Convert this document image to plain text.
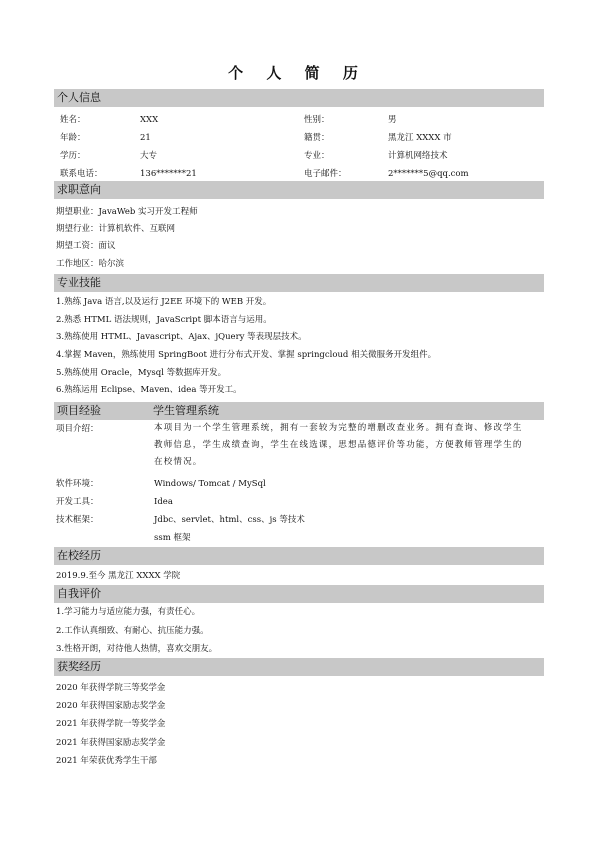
个 人 简 历
个人信息
姓名：	XXX	性别：	男
年龄：	21	籍贯：	黑龙江 XXXX 市
学历：	大专	专业：	计算机网络技术
联系电话：	136*******21	电子邮件：	2*******5@qq.com
求职意向
期望职业：JavaWeb 实习开发工程师
期望行业：计算机软件、互联网
期望工资：面议
工作地区：哈尔滨
专业技能
1.熟练 Java 语言,以及运行 J2EE 环境下的 WEB 开发。
2.熟悉 HTML 语法规则，JavaScript 脚本语言与运用。
3.熟练使用 HTML、Javascript、Ajax、jQuery 等表现层技术。
4.掌握 Maven，熟练使用 SpringBoot 进行分布式开发、掌握 springcloud 相关微服务开发组件。
5.熟练使用 Oracle，Mysql 等数据库开发。
6.熟练运用 Eclipse、Maven、idea 等开发工。
项目经验	学生管理系统
项目介绍：	本项目为一个学生管理系统，拥有一套较为完整的增删改查业务。拥有查询、修改学生教师信息，学生成绩查询，学生在线选课，思想品德评价等功能，方便教师管理学生的在校情况。
软件环境：	Windows/ Tomcat / MySql
开发工具：	Idea
技术框架：	Jdbc、servlet、html、css、js 等技术
ssm 框架
在校经历
2019.9.至今 黑龙江 XXXX 学院
自我评价
1.学习能力与适应能力强，有责任心。
2.工作认真细致、有耐心、抗压能力强。
3.性格开朗，对待他人热情，喜欢交朋友。
获奖经历
2020 年获得学院三等奖学金
2020 年获得国家励志奖学金
2021 年获得学院一等奖学金
2021 年获得国家励志奖学金
2021 年荣获优秀学生干部
